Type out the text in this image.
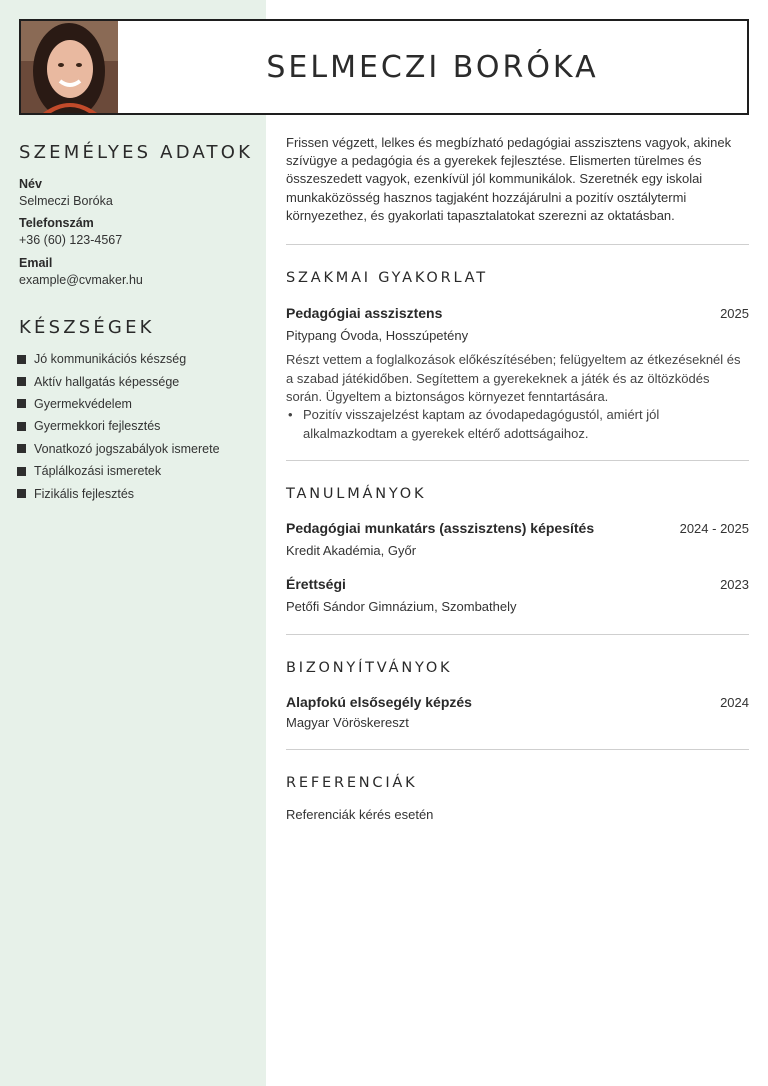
SELMECZI BORÓKA
SZEMÉLYES ADATOK
Név
Selmeczi Boróka
Telefonszám
+36 (60) 123-4567
Email
example@cvmaker.hu
KÉSZSÉGEK
Jó kommunikációs készség
Aktív hallgatás képessége
Gyermekvédelem
Gyermekkori fejlesztés
Vonatkozó jogszabályok ismerete
Táplálkozási ismeretek
Fizikális fejlesztés
Frissen végzett, lelkes és megbízható pedagógiai asszisztens vagyok, akinek szívügye a pedagógia és a gyerekek fejlesztése. Elismerten türelmes és összeszedett vagyok, ezenkívül jól kommunikálok. Szeretnék egy iskolai munkaközösség hasznos tagjaként hozzájárulni a pozitív osztálytermi környezethez, és gyakorlati tapasztalatokat szerezni az oktatásban.
SZAKMAI GYAKORLAT
Pedagógiai asszisztens	2025
Pitypang Óvoda, Hosszúpetény
Részt vettem a foglalkozások előkészítésében; felügyeltem az étkezéseknél és a szabad játékidőben. Segítettem a gyerekeknek a játék és az öltözködés során. Ügyeltem a biztonságos környezet fenntartására.
• Pozitív visszajelzést kaptam az óvodapedagógustól, amiért jól alkalmazkodtam a gyerekek eltérő adottságaihoz.
TANULMÁNYOK
Pedagógiai munkatárs (asszisztens) képesítés	2024 - 2025
Kredit Akadémia, Győr
Érettségi	2023
Petőfi Sándor Gimnázium, Szombathely
BIZONYÍTVÁNYOK
Alapfokú elsősegély képzés	2024
Magyar Vöröskereszt
REFERENCIÁK
Referenciák kérés esetén
